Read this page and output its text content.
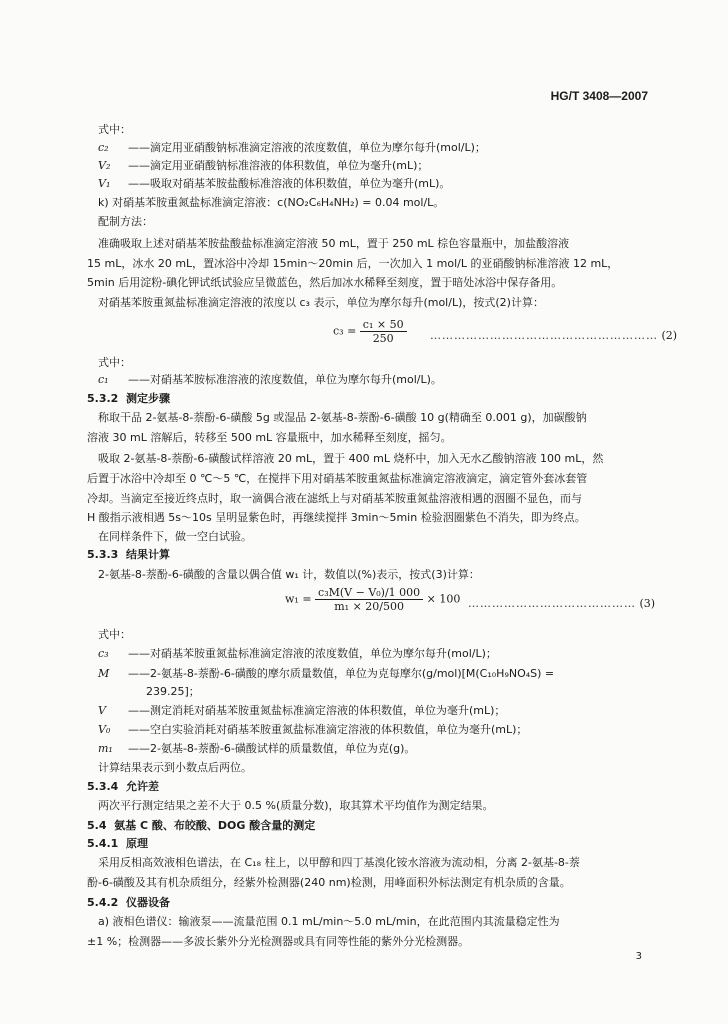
HG/T 3408—2007
式中：
c₂ ——滴定用亚硝酸钠标准滴定溶液的浓度数值，单位为摩尔每升(mol/L)；
V₂ ——滴定用亚硝酸钠标准溶液的体积数值，单位为毫升(mL)；
V₁ ——吸取对硝基苯胺盐酸标准溶液的体积数值，单位为毫升(mL)。
k) 对硝基苯胺重氮盐标准滴定溶液：c(NO₂C₆H₄NH₂) = 0.04 mol/L。
配制方法：
准确吸取上述对硝基苯胺盐酸盐标准滴定溶液 50 mL，置于 250 mL 棕色容量瓶中，加盐酸溶液
15 mL，冰水 20 mL，置冰浴中冷却 15min～20min 后，一次加入 1 mol/L 的亚硝酸钠标准溶液 12 mL，
5min 后用淀粉-碘化钾试纸试验应呈微蓝色，然后加冰水稀释至刻度，置于暗处冰浴中保存备用。
对硝基苯胺重氮盐标准滴定溶液的浓度以 c₃ 表示，单位为摩尔每升(mol/L)，按式(2)计算：
$c_3 = \frac{\text{c₁ × 50}}{250}$ ………………………………………………… (2)
式中：
c₁ ——对硝基苯胺标准溶液的浓度数值，单位为摩尔每升(mol/L)。
5.3.2 测定步骤
称取干品 2-氨基-8-萘酚-6-磺酸 5g 或湿品 2-氨基-8-萘酚-6-磺酸 10 g(精确至 0.001 g)，加碳酸钠
溶液 30 mL 溶解后，转移至 500 mL 容量瓶中，加水稀释至刻度，摇匀。
吸取 2-氨基-8-萘酚-6-磺酸试样溶液 20 mL，置于 400 mL 烧杯中，加入无水乙酸钠溶液 100 mL，然
后置于冰浴中冷却至 0 ℃～5 ℃，在搅拌下用对硝基苯胺重氮盐标准滴定溶液滴定，滴定管外套冰套管
冷却。当滴定至接近终点时，取一滴偶合液在滤纸上与对硝基苯胺重氮盐溶液相遇的洇圈不显色，而与
H 酸指示液相遇 5s～10s 呈明显紫色时，再继续搅拌 3min～5min 检验洇圈紫色不消失，即为终点。
在同样条件下，做一空白试验。
5.3.3 结果计算
2-氨基-8-萘酚-6-磺酸的含量以偶合值 w₁ 计，数值以(%)表示，按式(3)计算：
$w_1 = \frac{\text{c₃M(V − V₀)/1 000}}{\text{m₁ × 20/500}} \times 100$ …………………………………… (3)
式中：
c₃ ——对硝基苯胺重氮盐标准滴定溶液的浓度数值，单位为摩尔每升(mol/L)；
M ——2-氨基-8-萘酚-6-磺酸的摩尔质量数值，单位为克每摩尔(g/mol)[M(C₁₀H₉NO₄S) =
239.25]；
V ——测定消耗对硝基苯胺重氮盐标准滴定溶液的体积数值，单位为毫升(mL)；
V₀ ——空白实验消耗对硝基苯胺重氮盐标准滴定溶液的体积数值，单位为毫升(mL)；
m₁ ——2-氨基-8-萘酚-6-磺酸试样的质量数值，单位为克(g)。
计算结果表示到小数点后两位。
5.3.4 允许差
两次平行测定结果之差不大于 0.5 %(质量分数)，取其算术平均值作为测定结果。
5.4 氨基 C 酸、布皎酸、DOG 酸含量的测定
5.4.1 原理
采用反相高效液相色谱法，在 C₁₈ 柱上，以甲醇和四丁基溴化铵水溶液为流动相，分离 2-氨基-8-萘
酚-6-磺酸及其有机杂质组分，经紫外检测器(240 nm)检测，用峰面积外标法测定有机杂质的含量。
5.4.2 仪器设备
a) 液相色谱仪：输液泵——流量范围 0.1 mL/min～5.0 mL/min，在此范围内其流量稳定性为
±1 %；检测器——多波长紫外分光检测器或具有同等性能的紫外分光检测器。
3
